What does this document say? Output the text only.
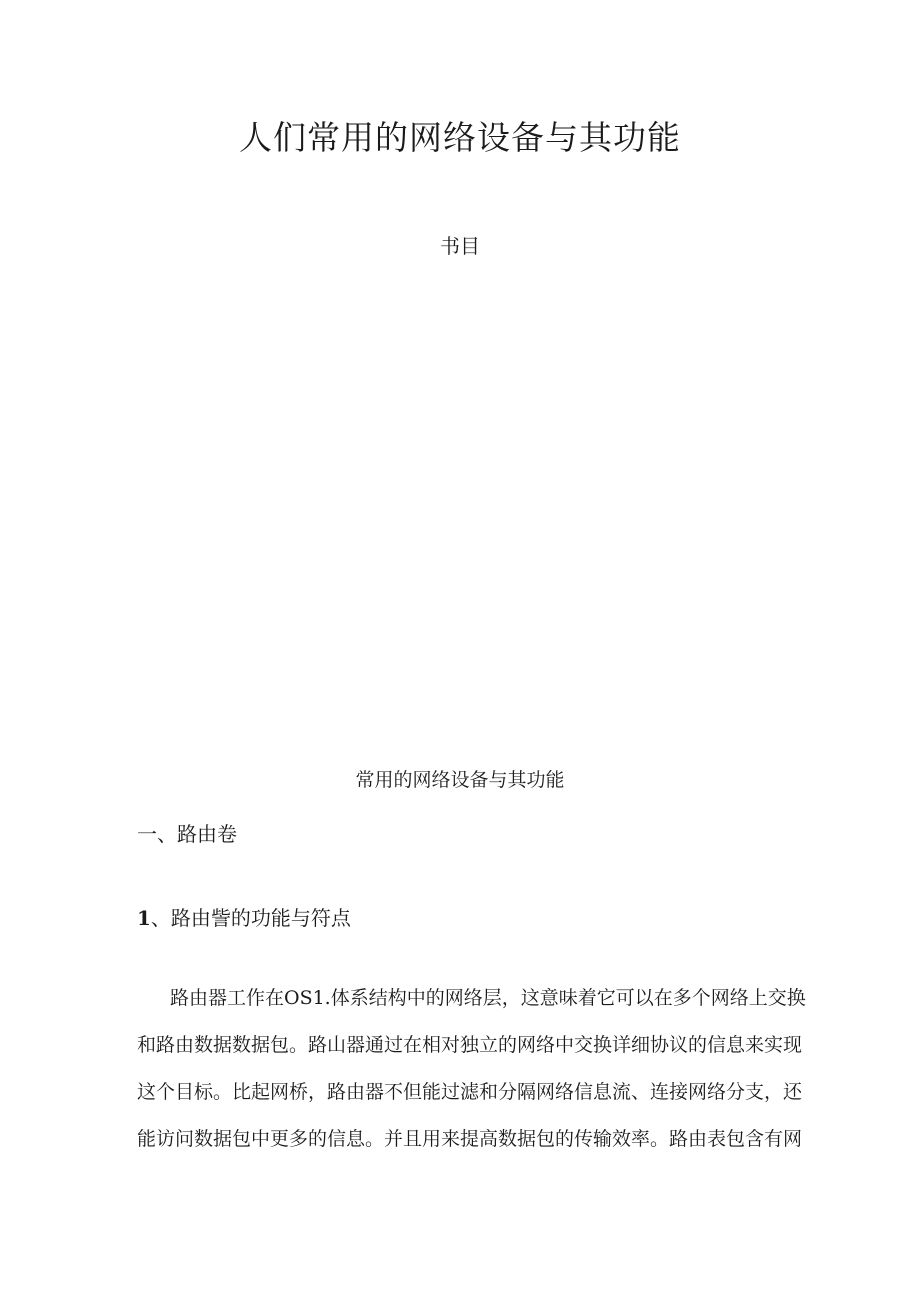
人们常用的网络设备与其功能
书目
常用的网络设备与其功能
一、路由卷
1、路由訾的功能与符点

路由器工作在OS1.体系结构中的网络层，这意味着它可以在多个网络上交换

和路由数据数据包。路山器通过在相对独立的网络中交换详细协议的信息来实现

这个目标。比起网桥，路由器不但能过滤和分隔网络信息流、连接网络分支，还

能访问数据包中更多的信息。并且用来提高数据包的传输效率。路由表包含有网
